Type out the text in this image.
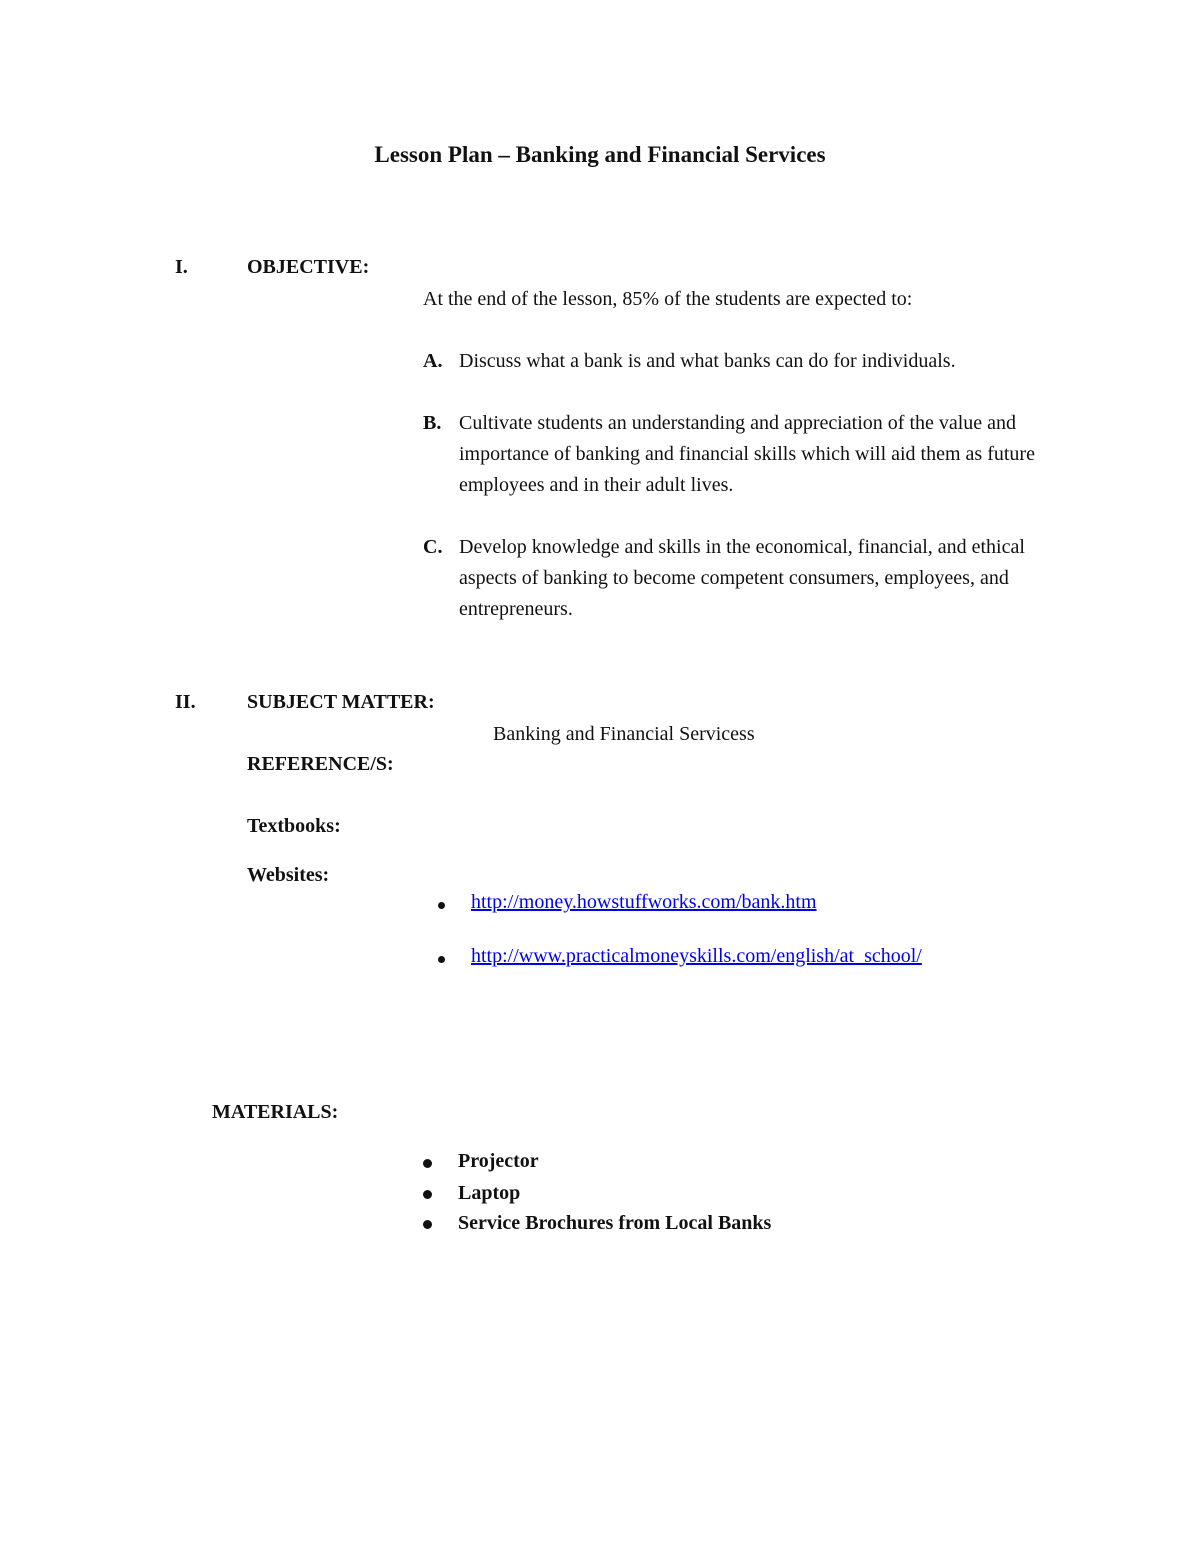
Lesson Plan – Banking and Financial Services
I.	OBJECTIVE:
At the end of the lesson, 85% of the students are expected to:
A. Discuss what a bank is and what banks can do for individuals.
B. Cultivate students an understanding and appreciation of the value and importance of banking and financial skills which will aid them as future employees and in their adult lives.
C. Develop knowledge and skills in the economical, financial, and ethical aspects of banking to become competent consumers, employees, and entrepreneurs.
II.	SUBJECT MATTER:
Banking and Financial Servicess
REFERENCE/S:
Textbooks:
Websites:
http://money.howstuffworks.com/bank.htm
http://www.practicalmoneyskills.com/english/at_school/
MATERIALS:
Projector
Laptop
Service Brochures from Local Banks
